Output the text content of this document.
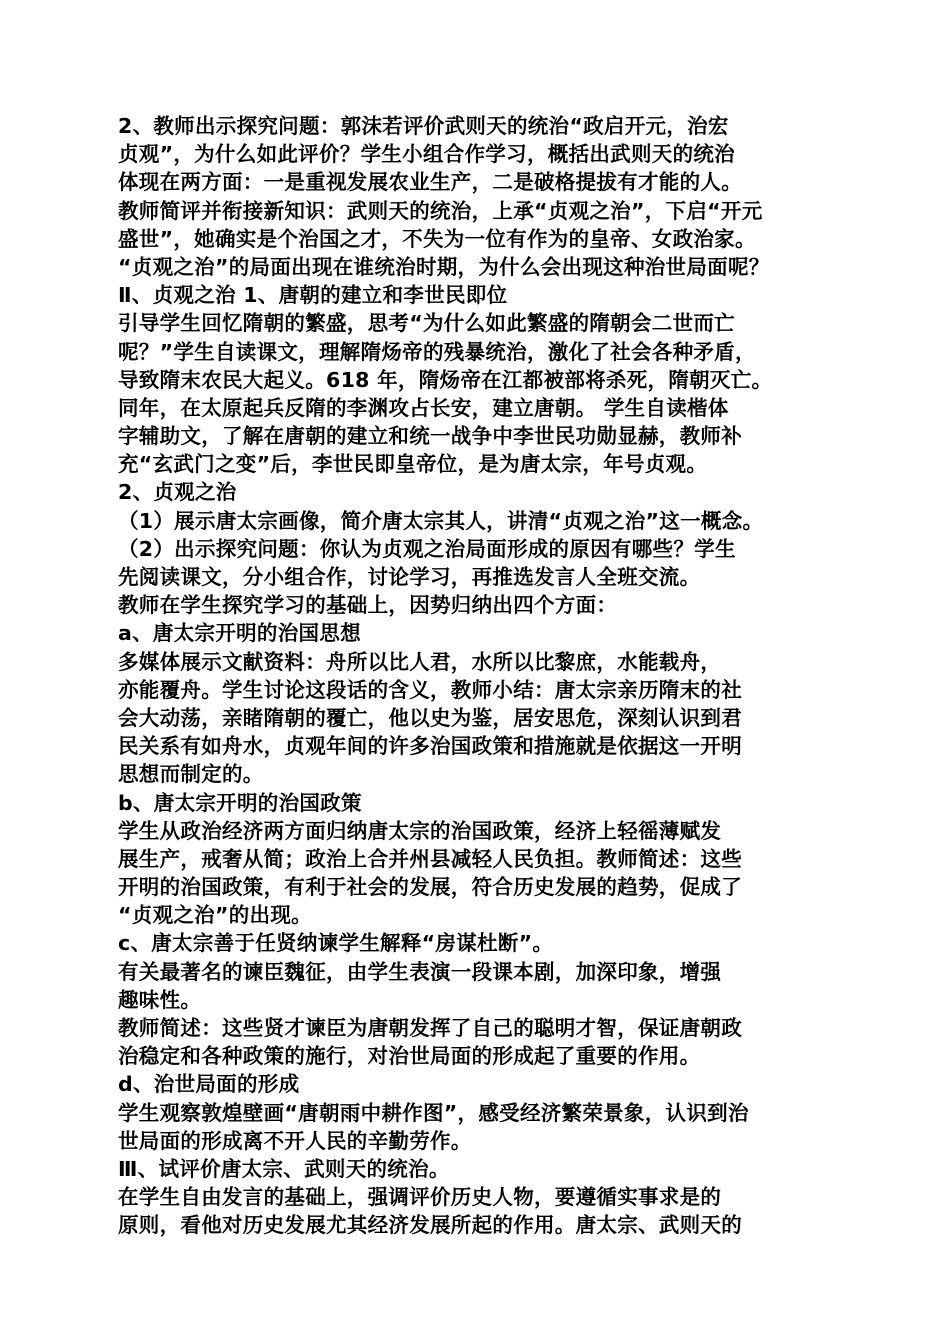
2、教师出示探究问题：郭沫若评价武则天的统治“政启开元，治宏
贞观”，为什么如此评价？学生小组合作学习，概括出武则天的统治
体现在两方面：一是重视发展农业生产，二是破格提拔有才能的人。
教师简评并衔接新知识：武则天的统治，上承“贞观之治”，下启“开元
盛世”，她确实是个治国之才，不失为一位有作为的皇帝、女政治家。
“贞观之治”的局面出现在谁统治时期，为什么会出现这种治世局面呢？
Ⅱ、贞观之治 1、唐朝的建立和李世民即位
引导学生回忆隋朝的繁盛，思考“为什么如此繁盛的隋朝会二世而亡
呢？”学生自读课文，理解隋炀帝的残暴统治，激化了社会各种矛盾，
导致隋末农民大起义。618 年，隋炀帝在江都被部将杀死，隋朝灭亡。
同年，在太原起兵反隋的李渊攻占长安，建立唐朝。 学生自读楷体
字辅助文，了解在唐朝的建立和统一战争中李世民功勋显赫，教师补
充“玄武门之变”后，李世民即皇帝位，是为唐太宗，年号贞观。
2、贞观之治
（1）展示唐太宗画像，简介唐太宗其人，讲清“贞观之治”这一概念。
（2）出示探究问题：你认为贞观之治局面形成的原因有哪些？学生
先阅读课文，分小组合作，讨论学习，再推选发言人全班交流。
教师在学生探究学习的基础上，因势归纳出四个方面：
a、唐太宗开明的治国思想
多媒体展示文献资料：舟所以比人君，水所以比黎庶，水能载舟，
亦能覆舟。学生讨论这段话的含义，教师小结：唐太宗亲历隋末的社
会大动荡，亲睹隋朝的覆亡，他以史为鉴，居安思危，深刻认识到君
民关系有如舟水，贞观年间的许多治国政策和措施就是依据这一开明
思想而制定的。
b、唐太宗开明的治国政策
学生从政治经济两方面归纳唐太宗的治国政策，经济上轻徭薄赋发
展生产，戒奢从简；政治上合并州县减轻人民负担。教师简述：这些
开明的治国政策，有利于社会的发展，符合历史发展的趋势，促成了
“贞观之治”的出现。
c、唐太宗善于任贤纳谏学生解释“房谋杜断”。
有关最著名的谏臣魏征，由学生表演一段课本剧，加深印象，增强
趣味性。
教师简述：这些贤才谏臣为唐朝发挥了自己的聪明才智，保证唐朝政
治稳定和各种政策的施行，对治世局面的形成起了重要的作用。
d、治世局面的形成
学生观察敦煌壁画“唐朝雨中耕作图”，感受经济繁荣景象，认识到治
世局面的形成离不开人民的辛勤劳作。
Ⅲ、试评价唐太宗、武则天的统治。
在学生自由发言的基础上，强调评价历史人物，要遵循实事求是的
原则，看他对历史发展尤其经济发展所起的作用。唐太宗、武则天的
